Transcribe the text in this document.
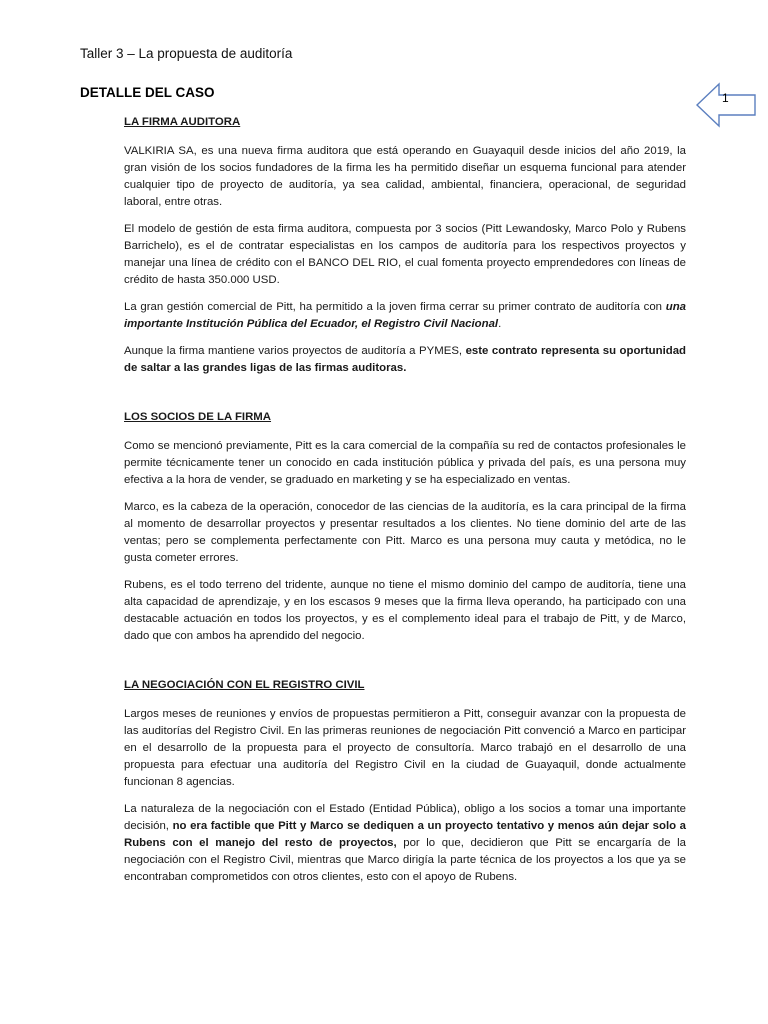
Taller 3 – La propuesta de auditoría
DETALLE DEL CASO	1
LA FIRMA AUDITORA

VALKIRIA SA, es una nueva firma auditora que está operando en Guayaquil desde inicios del año 2019, la gran visión de los socios fundadores de la firma les ha permitido diseñar un esquema funcional para atender cualquier tipo de proyecto de auditoría, ya sea calidad, ambiental, financiera, operacional, de seguridad laboral, entre otras.

El modelo de gestión de esta firma auditora, compuesta por 3 socios (Pitt Lewandosky, Marco Polo y Rubens Barrichelo), es el de contratar especialistas en los campos de auditoría para los respectivos proyectos y manejar una línea de crédito con el BANCO DEL RIO, el cual fomenta proyecto emprendedores con líneas de crédito de hasta 350.000 USD.

La gran gestión comercial de Pitt, ha permitido a la joven firma cerrar su primer contrato de auditoría con una importante Institución Pública del Ecuador, el Registro Civil Nacional.

Aunque la firma mantiene varios proyectos de auditoría a PYMES, este contrato representa su oportunidad de saltar a las grandes ligas de las firmas auditoras.

LOS SOCIOS DE LA FIRMA

Como se mencionó previamente, Pitt es la cara comercial de la compañía su red de contactos profesionales le permite técnicamente tener un conocido en cada institución pública y privada del país, es una persona muy efectiva a la hora de vender, se graduado en marketing y se ha especializado en ventas.

Marco, es la cabeza de la operación, conocedor de las ciencias de la auditoría, es la cara principal de la firma al momento de desarrollar proyectos y presentar resultados a los clientes. No tiene dominio del arte de las ventas; pero se complementa perfectamente con Pitt. Marco es una persona muy cauta y metódica, no le gusta cometer errores.

Rubens, es el todo terreno del tridente, aunque no tiene el mismo dominio del campo de auditoría, tiene una alta capacidad de aprendizaje, y en los escasos 9 meses que la firma lleva operando, ha participado con una destacable actuación en todos los proyectos, y es el complemento ideal para el trabajo de Pitt, y de Marco, dado que con ambos ha aprendido del negocio.

LA NEGOCIACIÓN CON EL REGISTRO CIVIL

Largos meses de reuniones y envíos de propuestas permitieron a Pitt, conseguir avanzar con la propuesta de las auditorías del Registro Civil. En las primeras reuniones de negociación Pitt convenció a Marco en participar en el desarrollo de la propuesta para el proyecto de consultoría. Marco trabajó en el desarrollo de una propuesta para efectuar una auditoría del Registro Civil en la ciudad de Guayaquil, donde actualmente funcionan 8 agencias.

La naturaleza de la negociación con el Estado (Entidad Pública), obligo a los socios a tomar una importante decisión, no era factible que Pitt y Marco se dediquen a un proyecto tentativo y menos aún dejar solo a Rubens con el manejo del resto de proyectos, por lo que, decidieron que Pitt se encargaría de la negociación con el Registro Civil, mientras que Marco dirigía la parte técnica de los proyectos a los que ya se encontraban comprometidos con otros clientes, esto con el apoyo de Rubens.
